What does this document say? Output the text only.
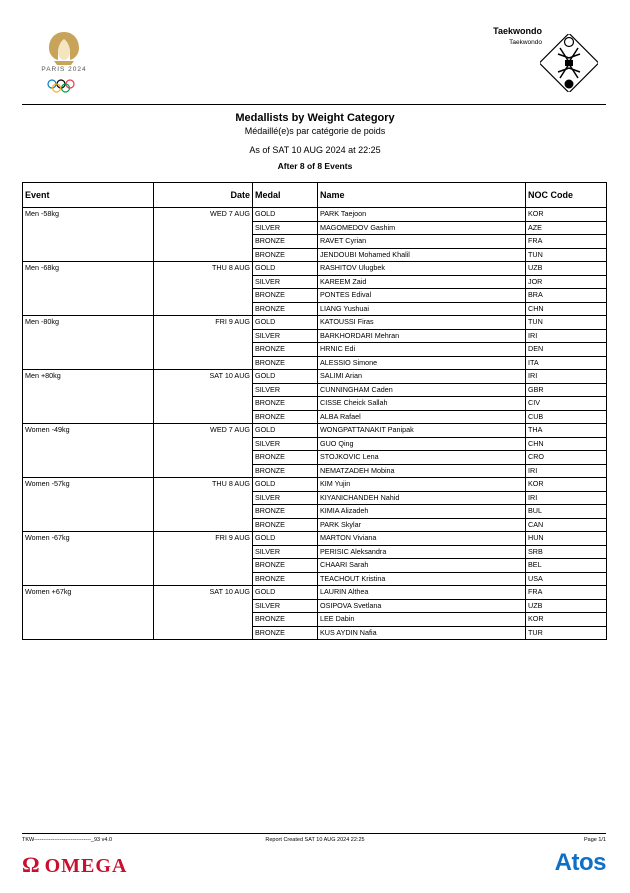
PARIS 2024
Taekwondo
Taekwondo
Medallists by Weight Category
Médaillé(e)s par catégorie de poids
As of SAT 10 AUG 2024 at 22:25
After 8 of 8 Events
Event	Date	Medal	Name	NOC Code
Men -58kg	WED 7 AUG	GOLD	PARK Taejoon	KOR
		SILVER	MAGOMEDOV Gashim	AZE
		BRONZE	RAVET Cyrian	FRA
		BRONZE	JENDOUBI Mohamed Khalil	TUN
Men -68kg	THU 8 AUG	GOLD	RASHITOV Ulugbek	UZB
		SILVER	KAREEM Zaid	JOR
		BRONZE	PONTES Edival	BRA
		BRONZE	LIANG Yushuai	CHN
Men -80kg	FRI 9 AUG	GOLD	KATOUSSI Firas	TUN
		SILVER	BARKHORDARI Mehran	IRI
		BRONZE	HRNIC Edi	DEN
		BRONZE	ALESSIO Simone	ITA
Men +80kg	SAT 10 AUG	GOLD	SALIMI Arian	IRI
		SILVER	CUNNINGHAM Caden	GBR
		BRONZE	CISSE Cheick Sallah	CIV
		BRONZE	ALBA Rafael	CUB
Women -49kg	WED 7 AUG	GOLD	WONGPATTANAKIT Panipak	THA
		SILVER	GUO Qing	CHN
		BRONZE	STOJKOVIC Lena	CRO
		BRONZE	NEMATZADEH Mobina	IRI
Women -57kg	THU 8 AUG	GOLD	KIM Yujin	KOR
		SILVER	KIYANICHANDEH Nahid	IRI
		BRONZE	KIMIA Alizadeh	BUL
		BRONZE	PARK Skylar	CAN
Women -67kg	FRI 9 AUG	GOLD	MARTON Viviana	HUN
		SILVER	PERISIC Aleksandra	SRB
		BRONZE	CHAARI Sarah	BEL
		BRONZE	TEACHOUT Kristina	USA
Women +67kg	SAT 10 AUG	GOLD	LAURIN Althea	FRA
		SILVER	OSIPOVA Svetlana	UZB
		BRONZE	LEE Dabin	KOR
		BRONZE	KUS AYDIN Nafia	TUR
TKW-------------------------------_93 v4.0	Report Created SAT 10 AUG 2024 22:25	Page 1/1
Ω OMEGA	Atos
